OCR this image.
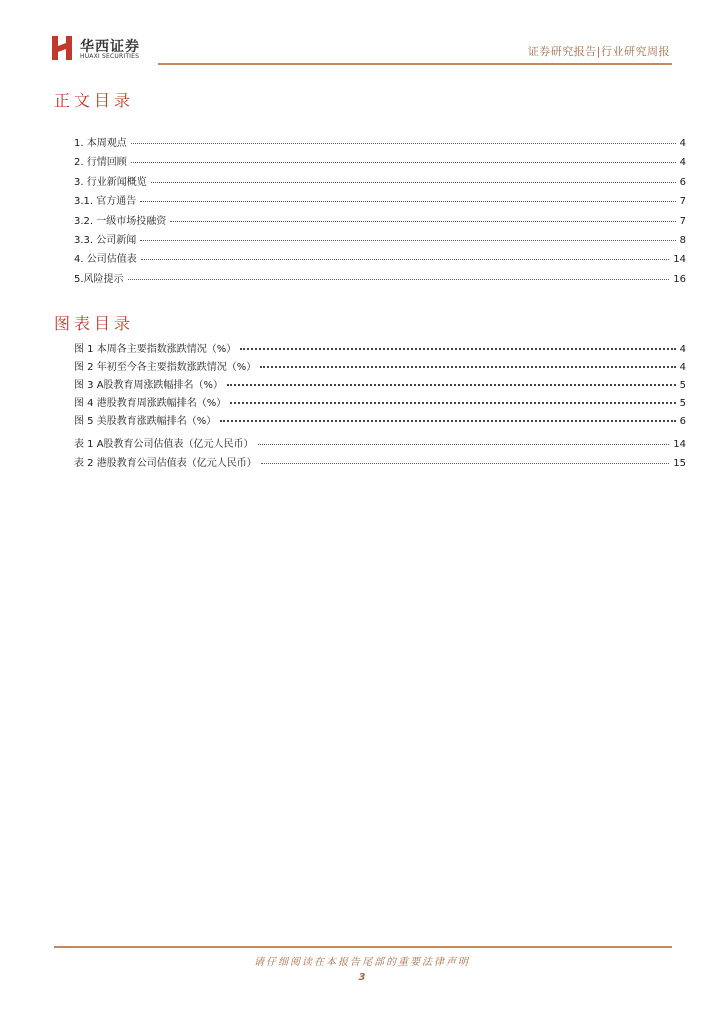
华西证券
HUAXI SECURITIES	证券研究报告|行业研究周报
正文目录
1. 本周观点	4
2. 行情回顾	4
3. 行业新闻概览	6
3.1. 官方通告	7
3.2. 一级市场投融资	7
3.3. 公司新闻	8
4. 公司估值表	14
5.风险提示	16
图表目录
图 1 本周各主要指数涨跌情况（%）	4
图 2 年初至今各主要指数涨跌情况（%）	4
图 3 A股教育周涨跌幅排名（%）	5
图 4 港股教育周涨跌幅排名（%）	5
图 5 美股教育涨跌幅排名（%）	6
表 1 A股教育公司估值表（亿元人民币）	14
表 2 港股教育公司估值表（亿元人民币）	15
请仔细阅读在本报告尾部的重要法律声明
3
